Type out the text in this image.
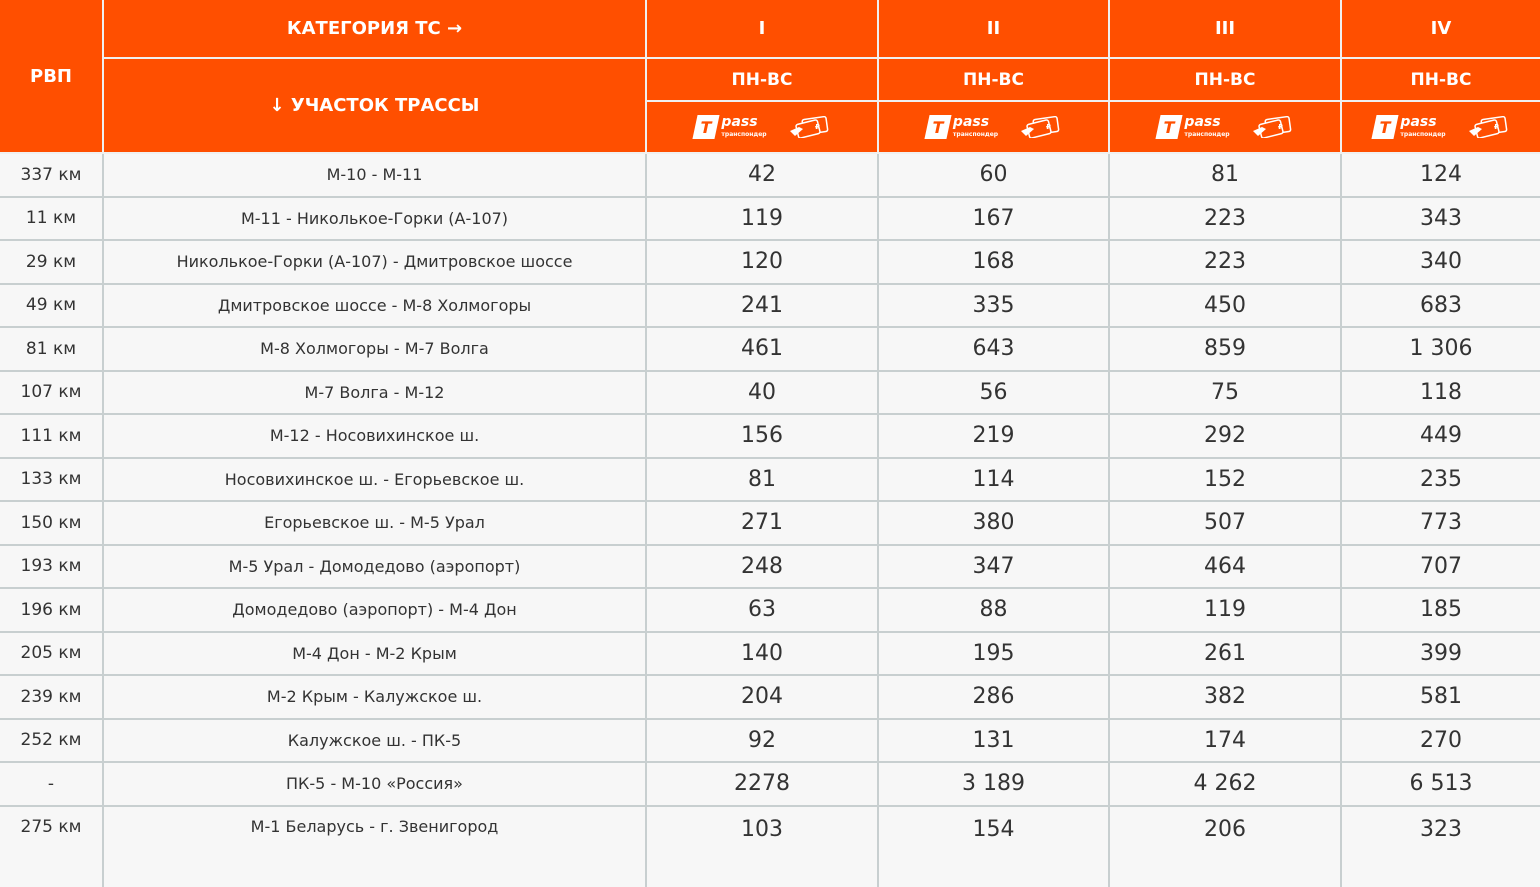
РВП
КАТЕГОРИЯ ТС →	I	II	III	IV
↓ УЧАСТОК ТРАССЫ
ПН-ВС	ПН-ВС	ПН-ВС	ПН-ВС
T pass
транспондер
₽	T pass
транспондер
₽	T pass
транспондер
₽	T pass
транспондер
₽
337 км	М-10 - М-11	42	60	81	124
11 км	М-11 - Николькое-Горки (А-107)	119	167	223	343
29 км	Николькое-Горки (А-107) - Дмитровское шоссе	120	168	223	340
49 км	Дмитровское шоссе - М-8 Холмогоры	241	335	450	683
81 км	М-8 Холмогоры - М-7 Волга	461	643	859	1 306
107 км	М-7 Волга - М-12	40	56	75	118
111 км	М-12 - Носовихинское ш.	156	219	292	449
133 км	Носовихинское ш. - Егорьевское ш.	81	114	152	235
150 км	Егорьевское ш. - М-5 Урал	271	380	507	773
193 км	М-5 Урал - Домодедово (аэропорт)	248	347	464	707
196 км	Домодедово (аэропорт) - М-4 Дон	63	88	119	185
205 км	М-4 Дон - М-2 Крым	140	195	261	399
239 км	М-2 Крым - Калужское ш.	204	286	382	581
252 км	Калужское ш. - ПК-5	92	131	174	270
-	ПК-5 - М-10 «Россия»	2278	3 189	4 262	6 513
275 км	М-1 Беларусь - г. Звенигород	103	154	206	323
